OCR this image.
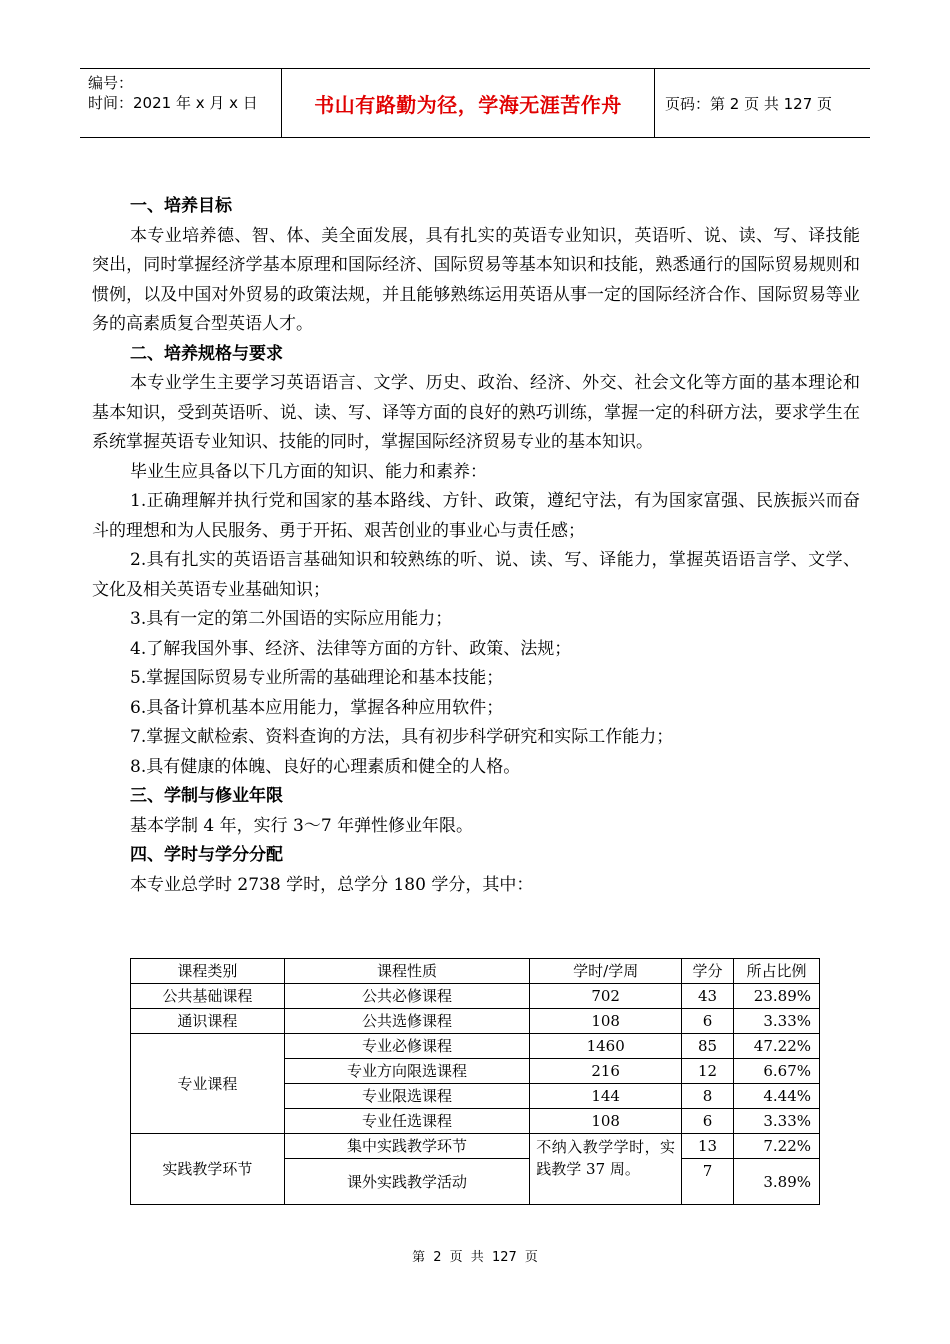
编号：
时间：2021 年 x 月 x 日	书山有路勤为径，学海无涯苦作舟	页码：第 2 页 共 127 页
一、培养目标
本专业培养德、智、体、美全面发展，具有扎实的英语专业知识，英语听、说、读、写、译技能突出，同时掌握经济学基本原理和国际经济、国际贸易等基本知识和技能，熟悉通行的国际贸易规则和惯例，以及中国对外贸易的政策法规，并且能够熟练运用英语从事一定的国际经济合作、国际贸易等业务的高素质复合型英语人才。
二、培养规格与要求
本专业学生主要学习英语语言、文学、历史、政治、经济、外交、社会文化等方面的基本理论和基本知识，受到英语听、说、读、写、译等方面的良好的熟巧训练，掌握一定的科研方法，要求学生在系统掌握英语专业知识、技能的同时，掌握国际经济贸易专业的基本知识。
毕业生应具备以下几方面的知识、能力和素养：
1.正确理解并执行党和国家的基本路线、方针、政策，遵纪守法，有为国家富强、民族振兴而奋斗的理想和为人民服务、勇于开拓、艰苦创业的事业心与责任感；
2.具有扎实的英语语言基础知识和较熟练的听、说、读、写、译能力，掌握英语语言学、文学、文化及相关英语专业基础知识；
3.具有一定的第二外国语的实际应用能力；
4.了解我国外事、经济、法律等方面的方针、政策、法规；
5.掌握国际贸易专业所需的基础理论和基本技能；
6.具备计算机基本应用能力，掌握各种应用软件；
7.掌握文献检索、资料查询的方法，具有初步科学研究和实际工作能力；
8.具有健康的体魄、良好的心理素质和健全的人格。
三、学制与修业年限
基本学制 4 年，实行 3～7 年弹性修业年限。
四、学时与学分分配
本专业总学时 2738 学时，总学分 180 学分，其中：
课程类别	课程性质	学时/学周	学分	所占比例
公共基础课程	公共必修课程	702	43	23.89%
通识课程	公共选修课程	108	6	3.33%
专业课程	专业必修课程	1460	85	47.22%
	专业方向限选课程	216	12	6.67%
	专业限选课程	144	8	4.44%
	专业任选课程	108	6	3.33%
实践教学环节	集中实践教学环节	不纳入教学学时，实践教学 37 周。	13	7.22%
	课外实践教学活动		7	3.89%
第 2 页 共 127 页
